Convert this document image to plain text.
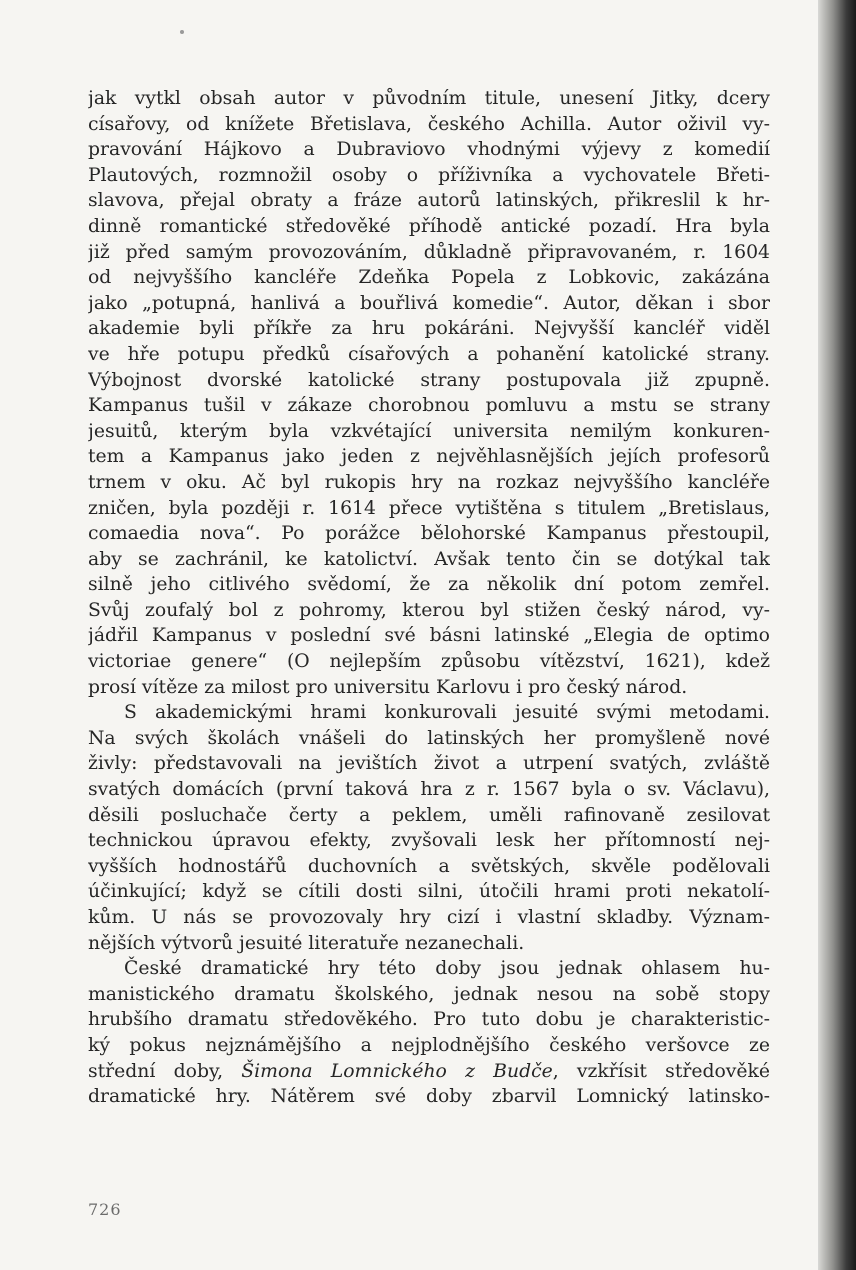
jak vytkl obsah autor v původním titule, unesení Jitky, dcery
císařovy, od knížete Břetislava, českého Achilla. Autor oživil vy-
pravování Hájkovo a Dubraviovo vhodnými výjevy z komedií
Plautových, rozmnožil osoby o příživníka a vychovatele Břeti-
slavova, přejal obraty a fráze autorů latinských, přikreslil k hr-
dinně romantické středověké příhodě antické pozadí. Hra byla
již před samým provozováním, důkladně připravovaném, r. 1604
od nejvyššího kancléře Zdeňka Popela z Lobkovic, zakázána
jako „potupná, hanlivá a bouřlivá komedie“. Autor, děkan i sbor
akademie byli příkře za hru pokáráni. Nejvyšší kancléř viděl
ve hře potupu předků císařových a pohanění katolické strany.
Výbojnost dvorské katolické strany postupovala již zpupně.
Kampanus tušil v zákaze chorobnou pomluvu a mstu se strany
jesuitů, kterým byla vzkvétající universita nemilým konkuren-
tem a Kampanus jako jeden z nejvěhlasnějších jejích profesorů
trnem v oku. Ač byl rukopis hry na rozkaz nejvyššího kancléře
zničen, byla později r. 1614 přece vytištěna s titulem „Bretislaus,
comaedia nova“. Po porážce bělohorské Kampanus přestoupil,
aby se zachránil, ke katolictví. Avšak tento čin se dotýkal tak
silně jeho citlivého svědomí, že za několik dní potom zemřel.
Svůj zoufalý bol z pohromy, kterou byl stižen český národ, vy-
jádřil Kampanus v poslední své básni latinské „Elegia de optimo
victoriae genere“ (O nejlepším způsobu vítězství, 1621), kdež
prosí vítěze za milost pro universitu Karlovu i pro český národ.
S akademickými hrami konkurovali jesuité svými metodami.
Na svých školách vnášeli do latinských her promyšleně nové
živly: představovali na jevištích život a utrpení svatých, zvláště
svatých domácích (první taková hra z r. 1567 byla o sv. Václavu),
děsili posluchače čerty a peklem, uměli rafinovaně zesilovat
technickou úpravou efekty, zvyšovali lesk her přítomností nej-
vyšších hodnostářů duchovních a světských, skvěle podělovali
účinkující; když se cítili dosti silni, útočili hrami proti nekatolí-
kům. U nás se provozovaly hry cizí i vlastní skladby. Význam-
nějších výtvorů jesuité literatuře nezanechali.
České dramatické hry této doby jsou jednak ohlasem hu-
manistického dramatu školského, jednak nesou na sobě stopy
hrubšího dramatu středověkého. Pro tuto dobu je charakteristic-
ký pokus nejznámějšího a nejplodnějšího českého veršovce ze
střední doby, Šimona Lomnického z Budče, vzkřísit středověké
dramatické hry. Nátěrem své doby zbarvil Lomnický latinsko-
726
